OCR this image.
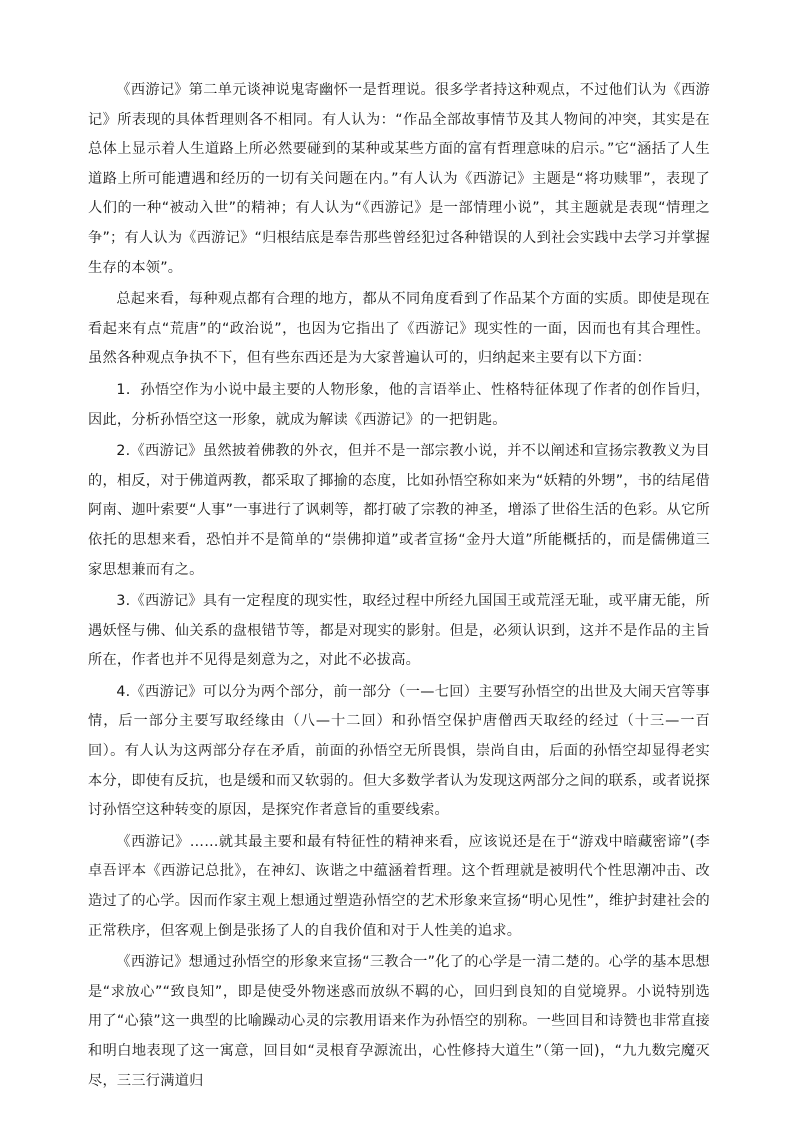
《西游记》第二单元谈神说鬼寄幽怀一是哲理说。很多学者持这种观点，不过他们认为《西游记》所表现的具体哲理则各不相同。有人认为：“作品全部故事情节及其人物间的冲突，其实是在总体上显示着人生道路上所必然要碰到的某种或某些方面的富有哲理意味的启示。”它“涵括了人生道路上所可能遭遇和经历的一切有关问题在内。”有人认为《西游记》主题是“将功赎罪”，表现了人们的一种“被动入世”的精神；有人认为“《西游记》是一部情理小说”，其主题就是表现“情理之争”；有人认为《西游记》“归根结底是奉告那些曾经犯过各种错误的人到社会实践中去学习并掌握生存的本领”。

总起来看，每种观点都有合理的地方，都从不同角度看到了作品某个方面的实质。即使是现在看起来有点“荒唐”的“政治说”，也因为它指出了《西游记》现实性的一面，因而也有其合理性。虽然各种观点争执不下，但有些东西还是为大家普遍认可的，归纳起来主要有以下方面：

1．孙悟空作为小说中最主要的人物形象，他的言语举止、性格特征体现了作者的创作旨归，因此，分析孙悟空这一形象，就成为解读《西游记》的一把钥匙。

2.《西游记》虽然披着佛教的外衣，但并不是一部宗教小说，并不以阐述和宣扬宗教教义为目的，相反，对于佛道两教，都采取了揶揄的态度，比如孙悟空称如来为“妖精的外甥”，书的结尾借阿南、迦叶索要“人事”一事进行了讽刺等，都打破了宗教的神圣，增添了世俗生活的色彩。从它所依托的思想来看，恐怕并不是简单的“崇佛抑道”或者宣扬“金丹大道”所能概括的，而是儒佛道三家思想兼而有之。

3.《西游记》具有一定程度的现实性，取经过程中所经九国国王或荒淫无耻，或平庸无能，所遇妖怪与佛、仙关系的盘根错节等，都是对现实的影射。但是，必须认识到，这并不是作品的主旨所在，作者也并不见得是刻意为之，对此不必拔高。

4.《西游记》可以分为两个部分，前一部分（一—七回）主要写孙悟空的出世及大闹天宫等事情，后一部分主要写取经缘由（八—十二回）和孙悟空保护唐僧西天取经的经过（十三—一百回）。有人认为这两部分存在矛盾，前面的孙悟空无所畏惧，崇尚自由，后面的孙悟空却显得老实本分，即使有反抗，也是缓和而又软弱的。但大多数学者认为发现这两部分之间的联系，或者说探讨孙悟空这种转变的原因，是探究作者意旨的重要线索。

《西游记》……就其最主要和最有特征性的精神来看，应该说还是在于“游戏中暗藏密谛”(李卓吾评本《西游记总批》，在神幻、诙谐之中蕴涵着哲理。这个哲理就是被明代个性思潮冲击、改造过了的心学。因而作家主观上想通过塑造孙悟空的艺术形象来宣扬“明心见性”，维护封建社会的正常秩序，但客观上倒是张扬了人的自我价值和对于人性美的追求。

《西游记》想通过孙悟空的形象来宣扬“三教合一”化了的心学是一清二楚的。心学的基本思想是“求放心”“致良知”，即是使受外物迷惑而放纵不羁的心，回归到良知的自觉境界。小说特别选用了“心猿”这一典型的比喻躁动心灵的宗教用语来作为孙悟空的别称。一些回目和诗赞也非常直接和明白地表现了这一寓意，回目如“灵根育孕源流出，心性修持大道生”（第一回)，“九九数完魔灭尽，三三行满道归
